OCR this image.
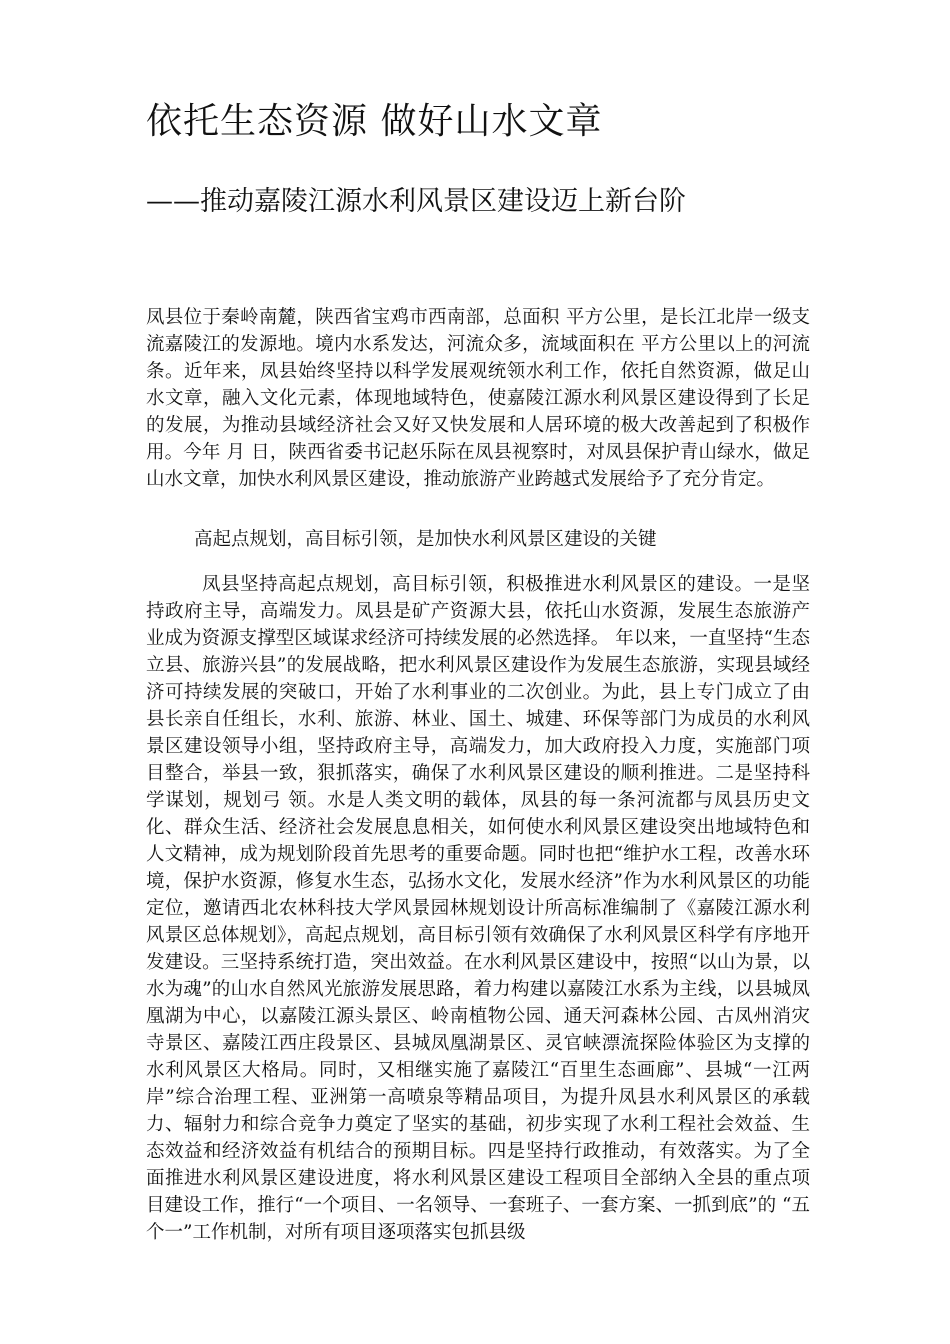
依托生态资源 做好山水文章
——推动嘉陵江源水利风景区建设迈上新台阶

凤县位于秦岭南麓，陕西省宝鸡市西南部，总面积 平方公里，是长江北岸一级支流嘉陵江的发源地。境内水系发达，河流众多，流域面积在 平方公里以上的河流 条。近年来，凤县始终坚持以科学发展观统领水利工作，依托自然资源，做足山水文章，融入文化元素，体现地域特色，使嘉陵江源水利风景区建设得到了长足的发展，为推动县域经济社会又好又快发展和人居环境的极大改善起到了积极作用。今年 月 日，陕西省委书记赵乐际在凤县视察时，对凤县保护青山绿水，做足山水文章，加快水利风景区建设，推动旅游产业跨越式发展给予了充分肯定。

高起点规划，高目标引领，是加快水利风景区建设的关键

凤县坚持高起点规划，高目标引领，积极推进水利风景区的建设。一是坚持政府主导，高端发力。凤县是矿产资源大县，依托山水资源，发展生态旅游产业成为资源支撑型区域谋求经济可持续发展的必然选择。 年以来，一直坚持“生态立县、旅游兴县”的发展战略，把水利风景区建设作为发展生态旅游，实现县域经济可持续发展的突破口，开始了水利事业的二次创业。为此，县上专门成立了由县长亲自任组长，水利、旅游、林业、国土、城建、环保等部门为成员的水利风景区建设领导小组，坚持政府主导，高端发力，加大政府投入力度，实施部门项目整合，举县一致，狠抓落实，确保了水利风景区建设的顺利推进。二是坚持科学谋划，规划弓 领。水是人类文明的载体，凤县的每一条河流都与凤县历史文化、群众生活、经济社会发展息息相关，如何使水利风景区建设突出地域特色和人文精神，成为规划阶段首先思考的重要命题。同时也把“维护水工程，改善水环境，保护水资源，修复水生态，弘扬水文化，发展水经济”作为水利风景区的功能定位，邀请西北农林科技大学风景园林规划设计所高标准编制了《嘉陵江源水利风景区总体规划》，高起点规划，高目标引领有效确保了水利风景区科学有序地开发建设。三坚持系统打造，突出效益。在水利风景区建设中，按照“以山为景，以水为魂”的山水自然风光旅游发展思路，着力构建以嘉陵江水系为主线，以县城凤凰湖为中心，以嘉陵江源头景区、岭南植物公园、通天河森林公园、古凤州消灾寺景区、嘉陵江西庄段景区、县城凤凰湖景区、灵官峡漂流探险体验区为支撑的水利风景区大格局。同时，又相继实施了嘉陵江“百里生态画廊”、县城“一江两岸”综合治理工程、亚洲第一高喷泉等精品项目，为提升凤县水利风景区的承载力、辐射力和综合竞争力奠定了坚实的基础，初步实现了水利工程社会效益、生态效益和经济效益有机结合的预期目标。四是坚持行政推动，有效落实。为了全面推进水利风景区建设进度，将水利风景区建设工程项目全部纳入全县的重点项目建设工作，推行“一个项目、一名领导、一套班子、一套方案、一抓到底”的 “五个一”工作机制，对所有项目逐项落实包抓县级
